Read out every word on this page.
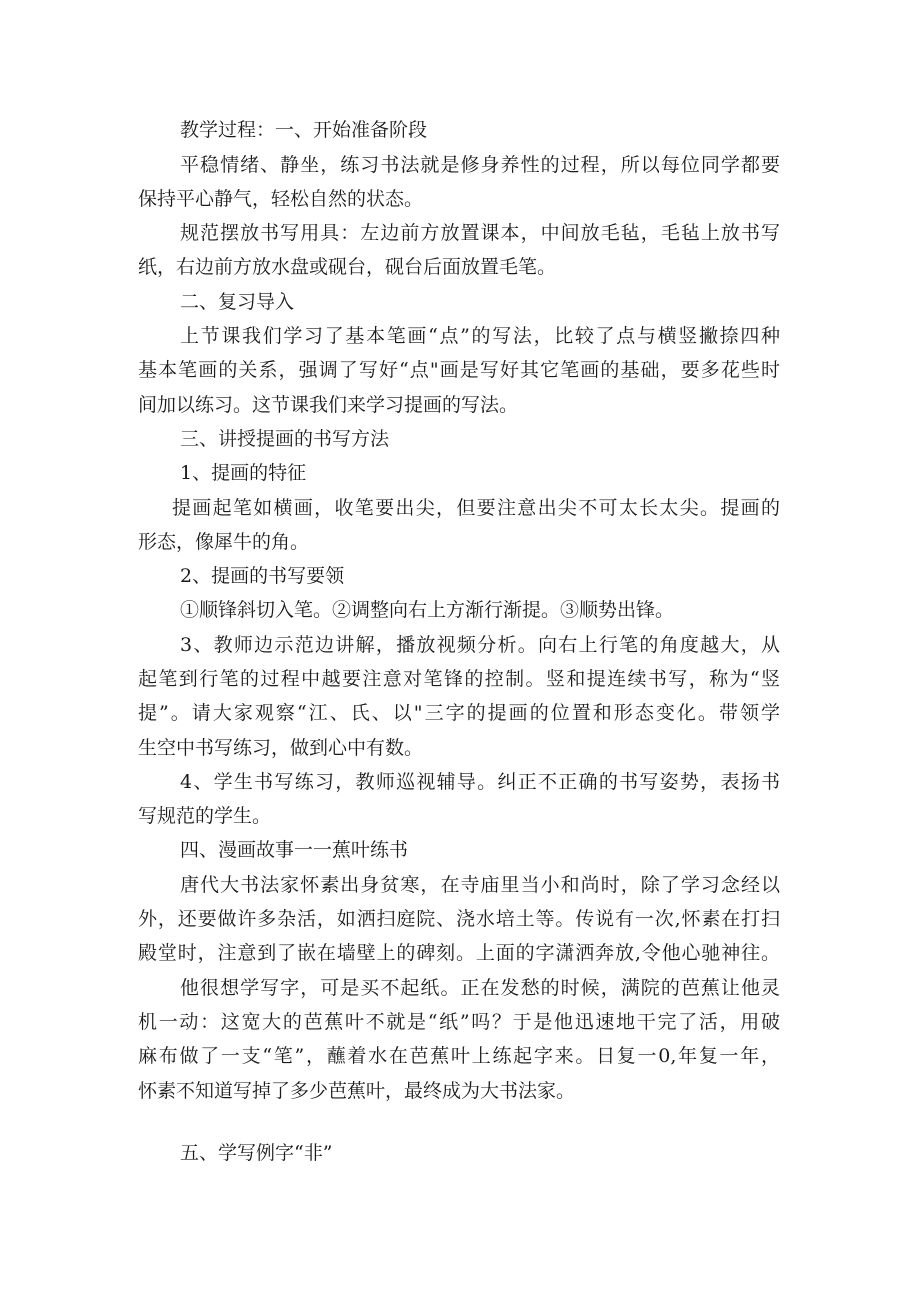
教学过程：一、开始准备阶段
平稳情绪、静坐，练习书法就是修身养性的过程，所以每位同学都要
保持平心静气，轻松自然的状态。
规范摆放书写用具：左边前方放置课本，中间放毛毡，毛毡上放书写
纸，右边前方放水盘或砚台，砚台后面放置毛笔。
二、复习导入
上节课我们学习了基本笔画“点”的写法，比较了点与横竖撇捺四种
基本笔画的关系，强调了写好“点"画是写好其它笔画的基础，要多花些时
间加以练习。这节课我们来学习提画的写法。
三、讲授提画的书写方法
1、提画的特征
提画起笔如横画，收笔要出尖，但要注意出尖不可太长太尖。提画的
形态，像犀牛的角。
2、提画的书写要领
①顺锋斜切入笔。②调整向右上方渐行渐提。③顺势出锋。
3、教师边示范边讲解，播放视频分析。向右上行笔的角度越大，从
起笔到行笔的过程中越要注意对笔锋的控制。竖和提连续书写，称为“竖
提”。请大家观察“江、氏、以"三字的提画的位置和形态变化。带领学
生空中书写练习，做到心中有数。
4、学生书写练习，教师巡视辅导。纠正不正确的书写姿势，表扬书
写规范的学生。
四、漫画故事一一蕉叶练书
唐代大书法家怀素出身贫寒，在寺庙里当小和尚时，除了学习念经以
外，还要做许多杂活，如洒扫庭院、浇水培土等。传说有一次,怀素在打扫
殿堂时，注意到了嵌在墙壁上的碑刻。上面的字潇洒奔放,令他心驰神往。
他很想学写字，可是买不起纸。正在发愁的时候，满院的芭蕉让他灵
机一动：这宽大的芭蕉叶不就是“纸”吗？于是他迅速地干完了活，用破
麻布做了一支“笔”，蘸着水在芭蕉叶上练起字来。日复一0,年复一年，
怀素不知道写掉了多少芭蕉叶，最终成为大书法家。
五、学写例字“非”
